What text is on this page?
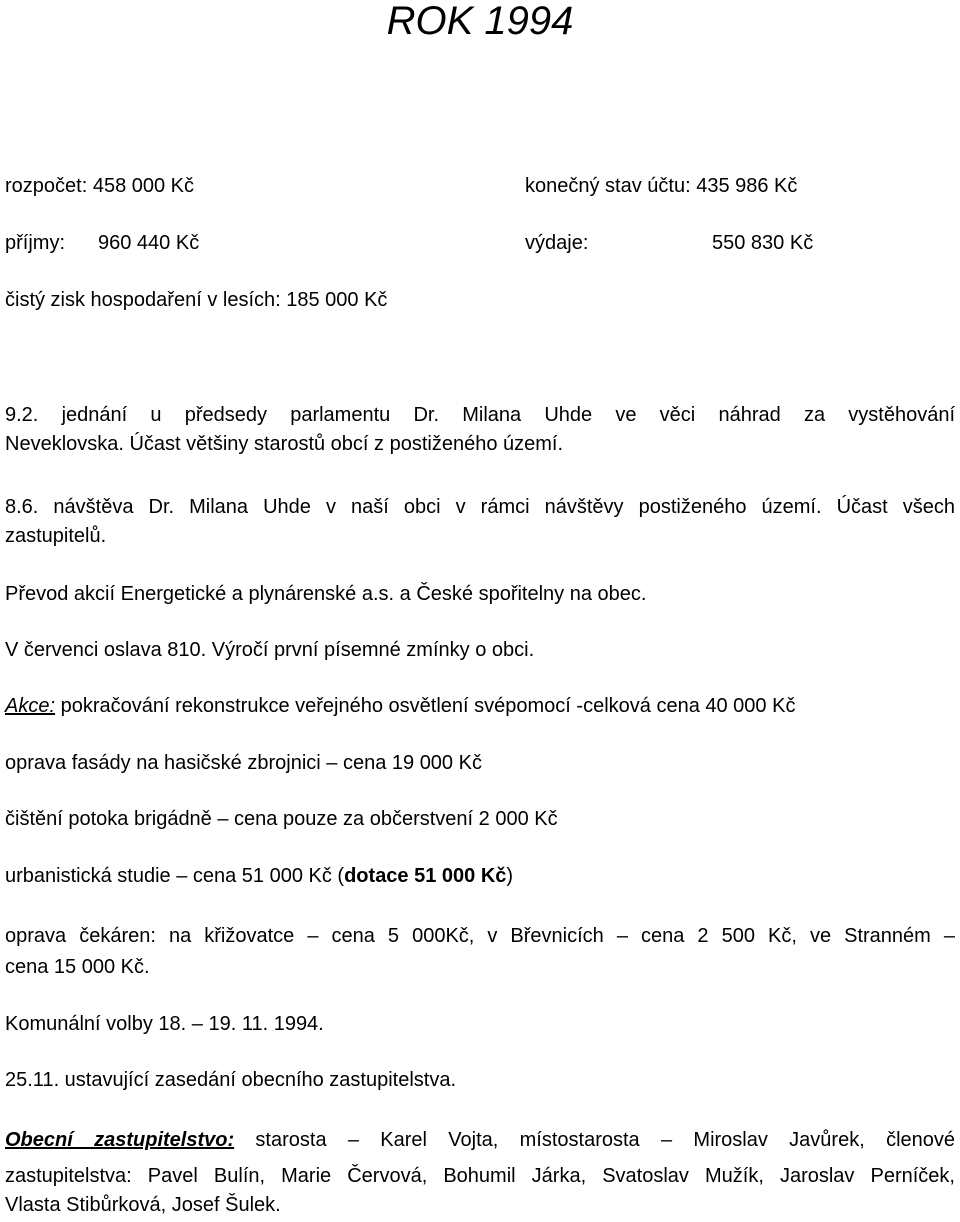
ROK 1994
rozpočet: 458 000 Kč	konečný stav účtu: 435 986 Kč
příjmy: 960 440 Kč	výdaje:	550 830 Kč
čistý zisk hospodaření v lesích: 185 000 Kč
9.2. jednání u předsedy parlamentu Dr. Milana Uhde ve věci náhrad za vystěhování
Neveklovska. Účast většiny starostů obcí z postiženého území.
8.6. návštěva Dr. Milana Uhde v naší obci v rámci návštěvy postiženého území. Účast všech
zastupitelů.
Převod akcií Energetické a plynárenské a.s. a České spořitelny na obec.
V červenci oslava 810. Výročí první písemné zmínky o obci.
Akce: pokračování rekonstrukce veřejného osvětlení svépomocí -celková cena 40 000 Kč
oprava fasády na hasičské zbrojnici – cena 19 000 Kč
čištění potoka brigádně – cena pouze za občerstvení 2 000 Kč
urbanistická studie – cena 51 000 Kč (dotace 51 000 Kč)
oprava čekáren: na křižovatce – cena 5 000Kč, v Břevnicích – cena 2 500 Kč, ve Stranném –
cena 15 000 Kč.
Komunální volby 18. – 19. 11. 1994.
25.11. ustavující zasedání obecního zastupitelstva.
Obecní zastupitelstvo: starosta – Karel Vojta, místostarosta – Miroslav Javůrek, členové
zastupitelstva: Pavel Bulín, Marie Červová, Bohumil Járka, Svatoslav Mužík, Jaroslav Perníček,
Vlasta Stibůrková, Josef Šulek.
